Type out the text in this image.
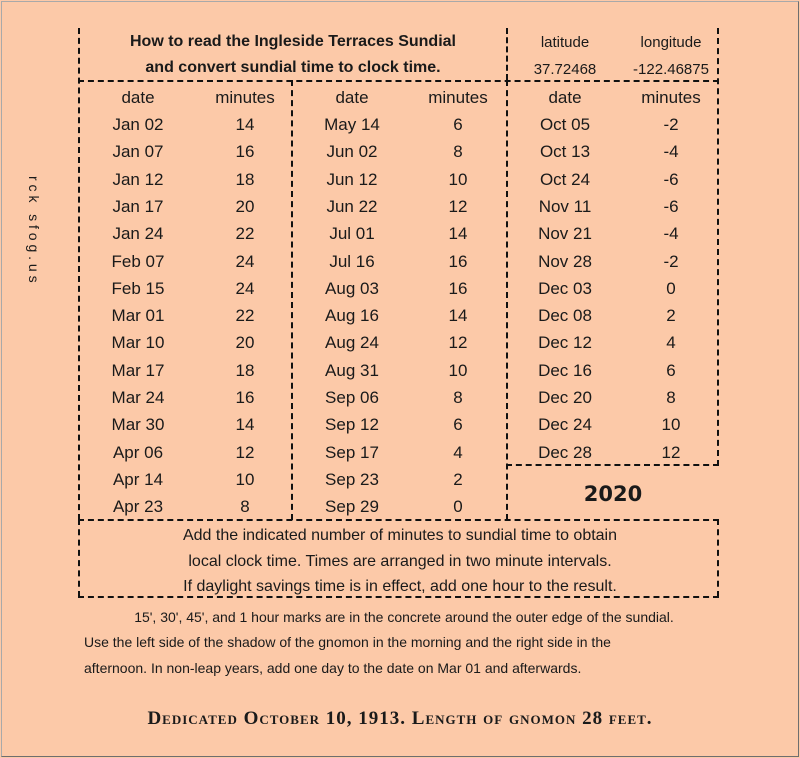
How to read the Ingleside Terraces Sundial
and convert sundial time to clock time.
latitude	longitude
37.72468	-122.46875
date	minutes	date	minutes	date	minutes
Jan 02	14
Jan 07	16
Jan 12	18
Jan 17	20
Jan 24	22
Feb 07	24
Feb 15	24
Mar 01	22
Mar 10	20
Mar 17	18
Mar 24	16
Mar 30	14
Apr 06	12
Apr 14	10
Apr 23	8
May 14	6
Jun 02	8
Jun 12	10
Jun 22	12
Jul 01	14
Jul 16	16
Aug 03	16
Aug 16	14
Aug 24	12
Aug 31	10
Sep 06	8
Sep 12	6
Sep 17	4
Sep 23	2
Sep 29	0
Oct 05	-2
Oct 13	-4
Oct 24	-6
Nov 11	-6
Nov 21	-4
Nov 28	-2
Dec 03	0
Dec 08	2
Dec 12	4
Dec 16	6
Dec 20	8
Dec 24	10
Dec 28	12
2020
Add the indicated number of minutes to sundial time to obtain
local clock time. Times are arranged in two minute intervals.
If daylight savings time is in effect, add one hour to the result.
15', 30', 45', and 1 hour marks are in the concrete around the outer edge of the sundial.
Use the left side of the shadow of the gnomon in the morning and the right side in the
afternoon. In non-leap years, add one day to the date on Mar 01 and afterwards.
r c k   s f o g . u s
Dedicated October 10, 1913. Length of gnomon 28 feet.
